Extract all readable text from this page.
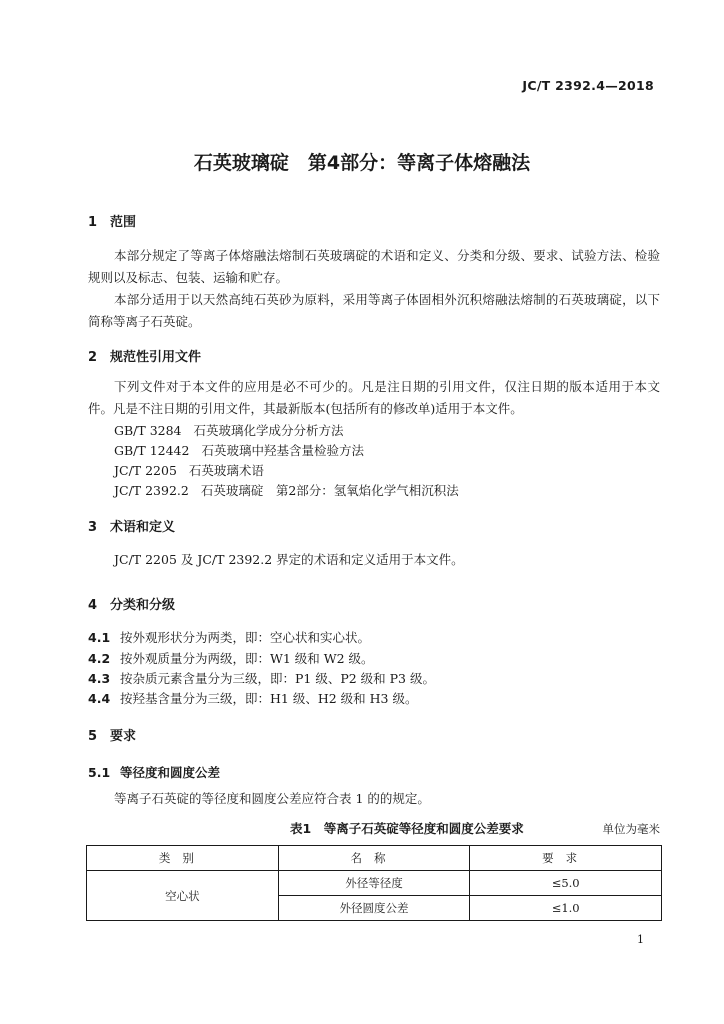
JC/T 2392.4—2018
石英玻璃碇　第4部分：等离子体熔融法
1 范围
本部分规定了等离子体熔融法熔制石英玻璃碇的术语和定义、分类和分级、要求、试验方法、检验规则以及标志、包装、运输和贮存。
本部分适用于以天然高纯石英砂为原料，采用等离子体固相外沉积熔融法熔制的石英玻璃碇，以下简称等离子石英碇。
2 规范性引用文件
下列文件对于本文件的应用是必不可少的。凡是注日期的引用文件，仅注日期的版本适用于本文件。凡是不注日期的引用文件，其最新版本(包括所有的修改单)适用于本文件。
GB/T 3284 石英玻璃化学成分分析方法
GB/T 12442 石英玻璃中羟基含量检验方法
JC/T 2205 石英玻璃术语
JC/T 2392.2 石英玻璃碇　第2部分：氢氧焰化学气相沉积法
3 术语和定义
JC/T 2205 及 JC/T 2392.2 界定的术语和定义适用于本文件。
4 分类和分级
4.1 按外观形状分为两类，即：空心状和实心状。
4.2 按外观质量分为两级，即：W1 级和 W2 级。
4.3 按杂质元素含量分为三级，即：P1 级、P2 级和 P3 级。
4.4 按羟基含量分为三级，即：H1 级、H2 级和 H3 级。
5 要求
5.1 等径度和圆度公差
等离子石英碇的等径度和圆度公差应符合表 1 的的规定。
表1　等离子石英碇等径度和圆度公差要求	单位为毫米
类别	名称	要求
空心状	外径等径度	≤5.0
	外径圆度公差	≤1.0
1
